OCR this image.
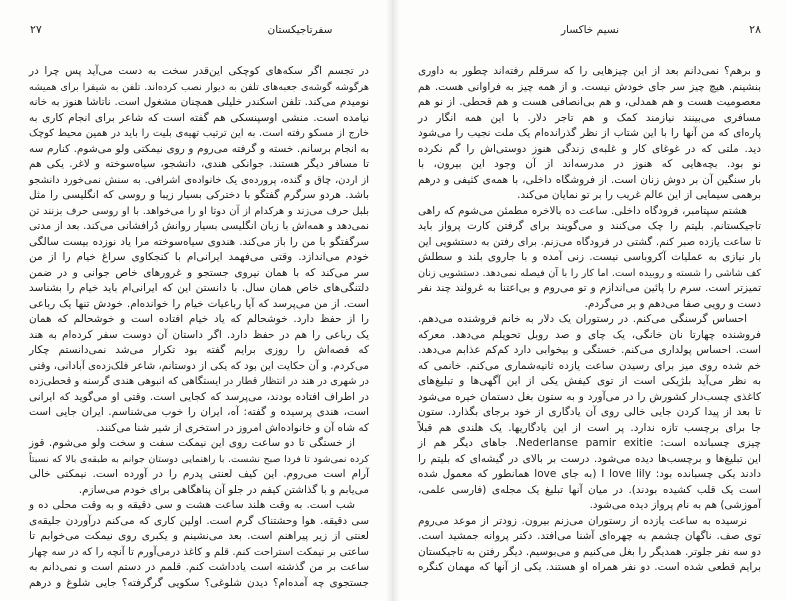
۲۷	سفرتاجیکستان
در تجسم اگر سکه‌های کوچکی این‌قدر سخت به دست می‌آید پس چرا در
هرگوشه گوشه‌ی جعبه‌های تلفن به دیوار نصب کرده‌اند. تلفن به شیفرا برای همیشه
نومیدم می‌کند. تلفن اسکندر خلیلی همچنان مشغول است. ناتاشا هنوز به خانه
نیامده است. منشی اوسپنسکی هم گفته است که شاعر برای انجام کاری به
خارج از مسکو رفته است. به این ترتیب تهیه‌ی بلیت را باید در همین محیط کوچک
به انجام برسانم. خسته و گرفته می‌روم و روی نیمکتی ولو می‌شوم. کنارم سه
تا مسافر دیگر هستند. جوانکی هندی، دانشجو، سیاه‌سوخته و لاغر. یکی هم
از اردن، چاق و گنده، پرورده‌ی یک خانواده‌ی اشرافی. به سنش نمی‌خورد دانشجو
باشد. هردو سرگرم گفتگو با دخترکی بسیار زیبا و روسی که انگلیسی را مثل
بلبل حرف می‌زند و هرکدام از آن دوتا او را می‌خواهد. با او روسی حرف بزنند تن
نمی‌دهد و همه‌اش با زبان انگلیسی بسیار روانش دُرافشانی می‌کند. بعد از مدتی
سرگفتگو با من را باز می‌کند. هندوی سیاه‌سوخته مرا یاد نوزده بیست سالگی
خودم می‌اندازد. وقتی می‌فهمد ایرانی‌ام با کنجکاوی سراغ خیام را از من
سر می‌کند که با همان نیروی جستجو و غرورهای خاص جوانی و در ضمن
دلتنگی‌های خاص همان سال. با دانستن این که ایرانی‌ام باید خیام را بشناسد
است. از من می‌پرسد که آیا رباعیات خیام را خوانده‌ام. خودش تنها یک رباعی
را از حفظ دارد. خوشحالم که یاد خیام افتاده است و خوشحالم که همان
یک رباعی را هم در حفظ دارد. اگر داستان آن دوست سفر کرده‌ام به هند
که قصه‌اش را روزی برایم گفته بود تکرار می‌شد نمی‌دانستم چکار
می‌کردم. و آن حکایت این بود که یکی از دوستانم، شاعر فلک‌زده‌ی آبادانی، وقتی
در شهری در هند در انتظار قطار در ایستگاهی که انبوهی هندی گرسنه و قحطی‌زده
در اطراف افتاده بودند، می‌پرسد که کجایی است. وقتی او می‌گوید که ایرانی
است، هندی پرسیده و گفته: آه، ایران را خوب می‌شناسم. ایران جایی است
که شاه آن و خانواده‌اش امروز در استخری از شیر شنا می‌کنند.
از خستگی تا دو ساعت روی این نیمکت سفت و سخت ولو می‌شوم. قوز
کرده نمی‌شود تا فردا صبح نشست. با راهنمایی دوستان جوانم به طبقه‌ی بالا که نسبتاً
آرام است می‌روم. این کیف لعنتی پدرم را در آورده است. نیمکتی خالی
می‌یابم و با گذاشتن کیفم در جلو آن پناهگاهی برای خودم می‌سازم.
شب است. به وقت هلند ساعت هشت و سی دقیقه و به وقت محلی ده و
سی دقیقه. هوا وحشتناک گرم است. اولین کاری که می‌کنم درآوردن جلیقه‌ی
لعنتی از زیر پیراهنم است. بعد می‌نشینم و یکبری روی نیمکت می‌خوابم تا
ساعتی بر نیمکت استراحت کنم. قلم و کاغذ درمی‌آورم تا آنچه را که در سه چهار
ساعت بر من گذشته است یادداشت کنم. قلمم در دستم است و نمی‌دانم به
جستجوی چه آمده‌ام؟ دیدن شلوغی؟ سکویی گرگرفته؟ جایی شلوغ و درهم
۲۸
نسیم خاکسار
و برهم؟ نمی‌دانم بعد از این چیزهایی را که سرقلم رفته‌اند چطور به داوری
بنشینم. هیچ چیز سر جای خودش نیست. و از همه چیز به فراوانی هست. هم
معصومیت هست و هم همدلی، و هم بی‌انصافی هست و هم قحطی. از نو هم
مسافری می‌بینند نیازمند کمک و هم تاجر دلار. با این همه انگار در
پاره‌ای که من آنها را با این شتاب از نظر گذرانده‌ام یک ملت نجیب را می‌شود
دید. ملتی که در غوغای کار و غلبه‌ی زندگی هنوز دوستی‌اش را گم نکرده
نو بود. بچه‌هایی که هنوز در مدرسه‌اند از آن وجود این بیرون، با
بار سنگین آن بر دوش زنان است. از فروشگاه داخلی، با همه‌ی کثیفی و درهم
برهمی سیمایی از این عالم غریب را بر تو نمایان می‌کند.
هشتم سپتامبر، فرودگاه داخلی. ساعت ده بالاخره مطمئن می‌شوم که راهی
تاجیکستانم. بلیتم را چک می‌کنند و می‌گویند برای گرفتن کارت پرواز باید
تا ساعت یازده صبر کنم. گشتی در فرودگاه می‌زنم. برای رفتن به دستشویی این
بار نیازی به عملیات آکروباسی نیست. زنی آمده و با جاروی بلند و سطلش
کف شاشی را شسته و روبیده است. اما کار را با آن فیصله نمی‌دهد. دستشویی زنان
تمیزتر است. سرم را پائین می‌اندازم و تو می‌روم و بی‌اعتنا به غرولند چند نفر
دست و رویی صفا می‌دهم و بر می‌گردم.
احساس گرسنگی می‌کنم. در رستوران یک دلار به خانم فروشنده می‌دهم.
فروشنده چهارتا نان خانگی، یک چای و صد روبل تحویلم می‌دهد. معرکه
است. احساس پولداری می‌کنم. خستگی و بیخوابی دارد کم‌کم عذابم می‌دهد.
خم شده روی میز برای رسیدن ساعت یازده ثانیه‌شماری می‌کنم. خانمی که
به نظر می‌آید بلژیکی است از توی کیفش یکی از این آگهی‌ها و تبلیغ‌های
کاغذی چسب‌دار کشورش را در می‌آورد و به ستون بغل دستمان خیره می‌شود
تا بعد از پیدا کردن جایی خالی روی آن یادگاری از خود برجای بگذارد. ستون
جا برای برچسب تازه ندارد. پر است از این یادگاریها. یک هلندی هم قبلاً
چیزی چسبانده است: Nederlanse pamir exitie. جاهای دیگر هم از
این تبلیغ‌ها و برچسب‌ها دیده می‌شود. درست بر بالای در گیشه‌ای که بلیتم را
دادند یکی چسبانده بود: I love lily (به جای love همانطور که معمول شده
است یک قلب کشیده بودند). در میان آنها تبلیغ یک مجله‌ی (فارسی علمی،
آموزشی) هم به نام پرواز دیده می‌شود.
نرسیده به ساعت یازده از رستوران می‌زنم بیرون. زودتر از موعد می‌روم
توی صف. ناگهان چشمم به چهره‌ای آشنا می‌افتد. دکتر پروانه جمشید است.
دو سه نفر جلوتر. همدیگر را بغل می‌کنیم و می‌بوسیم. دیگر رفتن به تاجیکستان
برایم قطعی شده است. دو نفر همراه او هستند. یکی از آنها که مهمان کنگره
